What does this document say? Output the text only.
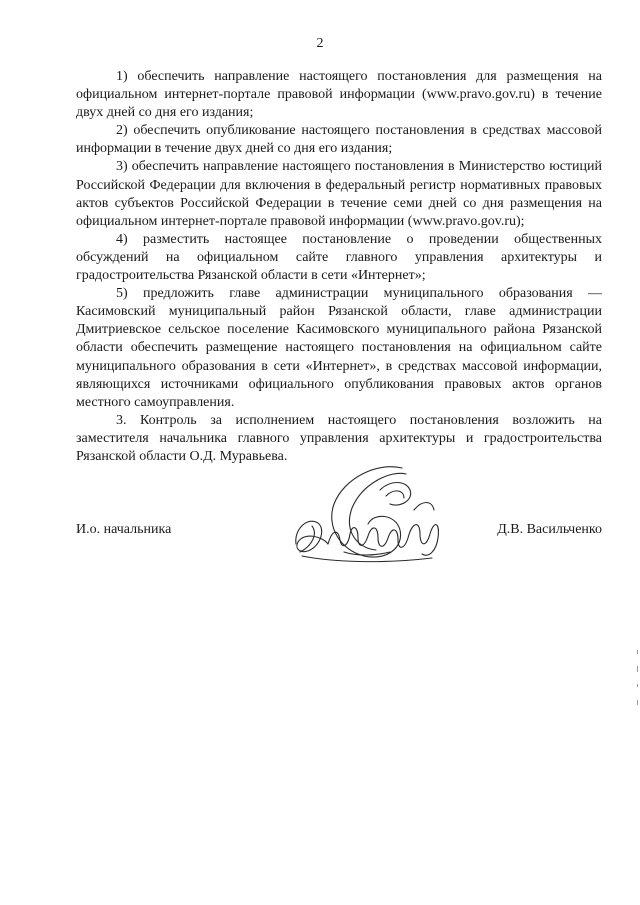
2

1) обеспечить направление настоящего постановления для размещения на официальном интернет-портале правовой информации (www.pravo.gov.ru) в течение двух дней со дня его издания;

2) обеспечить опубликование настоящего постановления в средствах массовой информации в течение двух дней со дня его издания;

3) обеспечить направление настоящего постановления в Министерство юстиций Российской Федерации для включения в федеральный регистр нормативных правовых актов субъектов Российской Федерации в течение семи дней со дня размещения на официальном интернет-портале правовой информации (www.pravo.gov.ru);

4) разместить настоящее постановление о проведении общественных обсуждений на официальном сайте главного управления архитектуры и градостроительства Рязанской области в сети «Интернет»;

5) предложить главе администрации муниципального образования — Касимовский муниципальный район Рязанской области, главе администрации Дмитриевское сельское поселение Касимовского муниципального района Рязанской области обеспечить размещение настоящего постановления на официальном сайте муниципального образования в сети «Интернет», в средствах массовой информации, являющихся источниками официального опубликования правовых актов органов местного самоуправления.

3. Контроль за исполнением настоящего постановления возложить на заместителя начальника главного управления архитектуры и градостроительства Рязанской области О.Д. Муравьева.

И.о. начальника	Д.В. Васильченко
